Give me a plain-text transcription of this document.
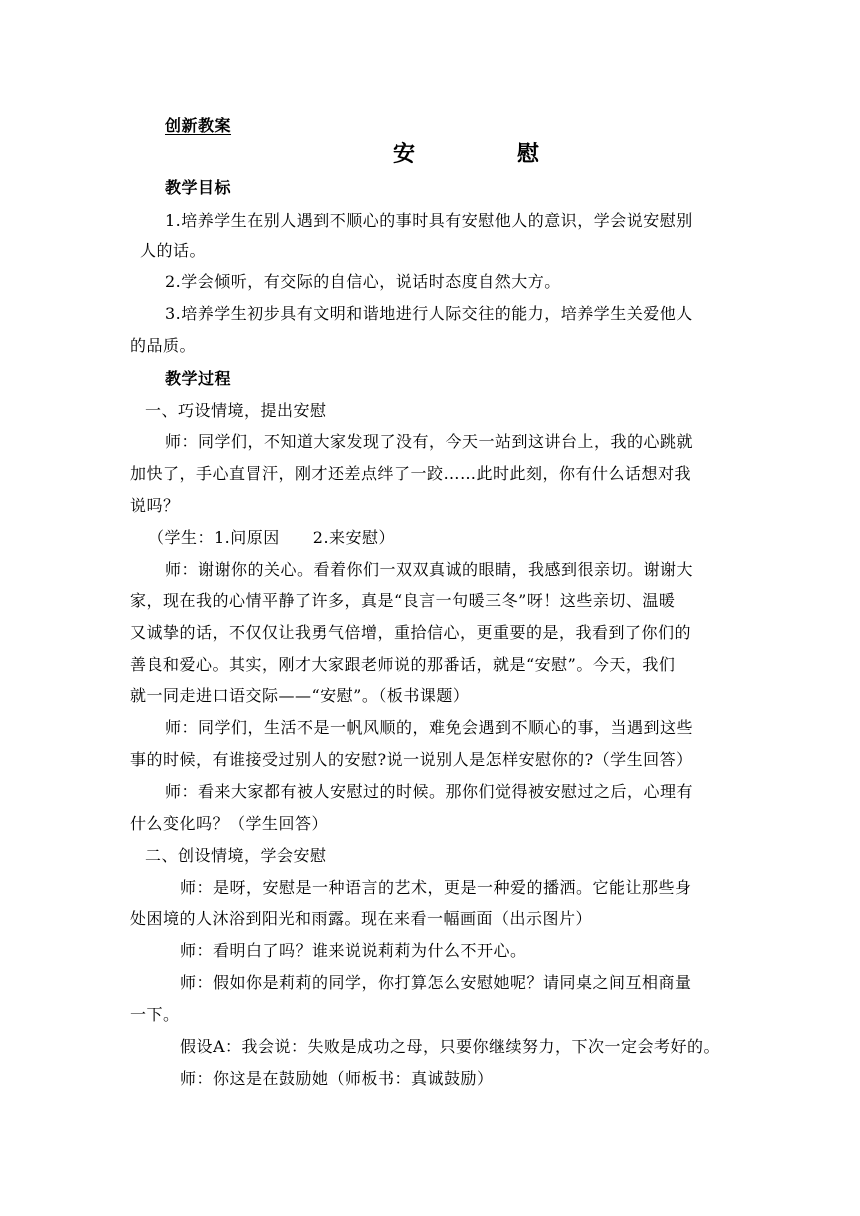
创新教案
安　慰
教学目标
1.培养学生在别人遇到不顺心的事时具有安慰他人的意识，学会说安慰别
人的话。
2.学会倾听，有交际的自信心，说话时态度自然大方。
3.培养学生初步具有文明和谐地进行人际交往的能力，培养学生关爱他人
的品质。
教学过程
一、巧设情境，提出安慰
师：同学们，不知道大家发现了没有，今天一站到这讲台上，我的心跳就
加快了，手心直冒汗，刚才还差点绊了一跤……此时此刻，你有什么话想对我
说吗？
（学生：1.问原因　　2.来安慰）
师：谢谢你的关心。看着你们一双双真诚的眼睛，我感到很亲切。谢谢大
家，现在我的心情平静了许多，真是“良言一句暖三冬”呀！这些亲切、温暖
又诚挚的话，不仅仅让我勇气倍增，重拾信心，更重要的是，我看到了你们的
善良和爱心。其实，刚才大家跟老师说的那番话，就是“安慰”。今天，我们
就一同走进口语交际——“安慰”。（板书课题）
师：同学们，生活不是一帆风顺的，难免会遇到不顺心的事，当遇到这些
事的时候，有谁接受过别人的安慰?说一说别人是怎样安慰你的?（学生回答）
师：看来大家都有被人安慰过的时候。那你们觉得被安慰过之后，心理有
什么变化吗？（学生回答）
二、创设情境，学会安慰
师：是呀，安慰是一种语言的艺术，更是一种爱的播洒。它能让那些身
处困境的人沐浴到阳光和雨露。现在来看一幅画面（出示图片）
师：看明白了吗？谁来说说莉莉为什么不开心。
师：假如你是莉莉的同学，你打算怎么安慰她呢？请同桌之间互相商量
一下。
假设A：我会说：失败是成功之母，只要你继续努力，下次一定会考好的。
师：你这是在鼓励她（师板书：真诚鼓励）
